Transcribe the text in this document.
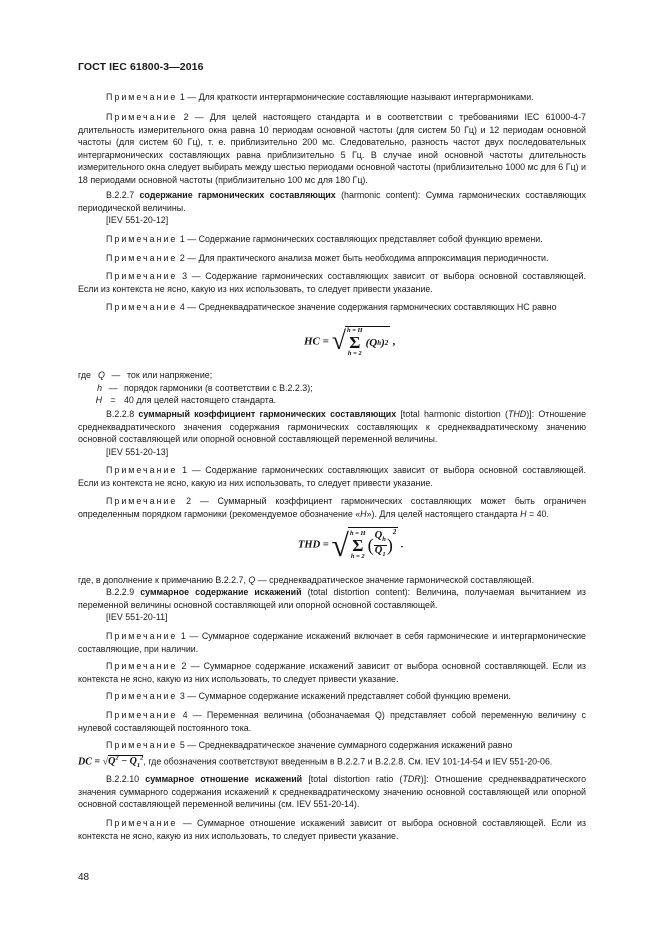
ГОСТ IEC 61800-3—2016

Примечание 1 — Для краткости интергармонические составляющие называют интергармониками.

Примечание 2 — Для целей настоящего стандарта и в соответствии с требованиями IEC 61000-4-7 длительность измерительного окна равна 10 периодам основной частоты (для систем 50 Гц) и 12 периодам основной частоты (для систем 60 Гц), т. е. приблизительно 200 мс. Следовательно, разность частот двух последовательных интергармонических составляющих равна приблизительно 5 Гц. В случае иной основной частоты длительность измерительного окна следует выбирать между шестью периодами основной частоты (приблизительно 1000 мс для 6 Гц) и 18 периодами основной частоты (приблизительно 100 мс для 180 Гц).

B.2.2.7 содержание гармонических составляющих (harmonic content): Сумма гармонических составляющих периодической величины.

[IEV 551-20-12]

Примечание 1 — Содержание гармонических составляющих представляет собой функцию времени.

Примечание 2 — Для практического анализа может быть необходима аппроксимация периодичности.

Примечание 3 — Содержание гармонических составляющих зависит от выбора основной составляющей. Если из контекста не ясно, какую из них использовать, то следует привести указание.

Примечание 4 — Среднеквадратическое значение содержания гармонических составляющих HC равно

HC = √ h = H
Σ
h = 2
(Q h ) 2 ,
где Q — ток или напряжение;
h — порядок гармоники (в соответствии с B.2.2.3);
H = 40 для целей настоящего стандарта.

B.2.2.8 суммарный коэффициент гармонических составляющих [total harmonic distortion (THD)]: Отношение среднеквадратического значения содержания гармонических составляющих к среднеквадратическому значению основной составляющей или опорной основной составляющей переменной величины.

[IEV 551-20-13]

Примечание 1 — Содержание гармонических составляющих зависит от выбора основной составляющей. Если из контекста не ясно, какую из них использовать, то следует привести указание.

Примечание 2 — Суммарный коэффициент гармонических составляющих может быть ограничен определенным порядком гармоники (рекомендуемое обозначение «H»). Для целей настоящего стандарта H = 40.

THD = √ h = H
Σ
h = 2
( $\frac{Q_h}{Q_1}$ )
$^2$
.

где, в дополнение к примечанию B.2.2.7, Q — среднеквадратическое значение гармонической составляющей.

B.2.2.9 суммарное содержание искажений (total distortion content): Величина, получаемая вычитанием из переменной величины основной составляющей или опорной основной составляющей.

[IEV 551-20-11]

Примечание 1 — Суммарное содержание искажений включает в себя гармонические и интергармонические составляющие, при наличии.

Примечание 2 — Суммарное содержание искажений зависит от выбора основной составляющей. Если из контекста не ясно, какую из них использовать, то следует привести указание.

Примечание 3 — Суммарное содержание искажений представляет собой функцию времени.

Примечание 4 — Переменная величина (обозначаемая Q) представляет собой переменную величину с нулевой составляющей постоянного тока.

Примечание 5 — Среднеквадратическое значение суммарного содержания искажений равно

DC = $√Q^2 - Q_1^2$, где обозначения соответствуют введенным в B.2.2.7 и B.2.2.8. См. IEV 101-14-54 и IEV 551-20-06.

B.2.2.10 суммарное отношение искажений [total distortion ratio (TDR)]: Отношение среднеквадратического значения суммарного содержания искажений к среднеквадратическому значению основной составляющей или опорной основной составляющей переменной величины (см. IEV 551-20-14).

Примечание — Суммарное отношение искажений зависит от выбора основной составляющей. Если из контекста не ясно, какую из них использовать, то следует привести указание.

48
